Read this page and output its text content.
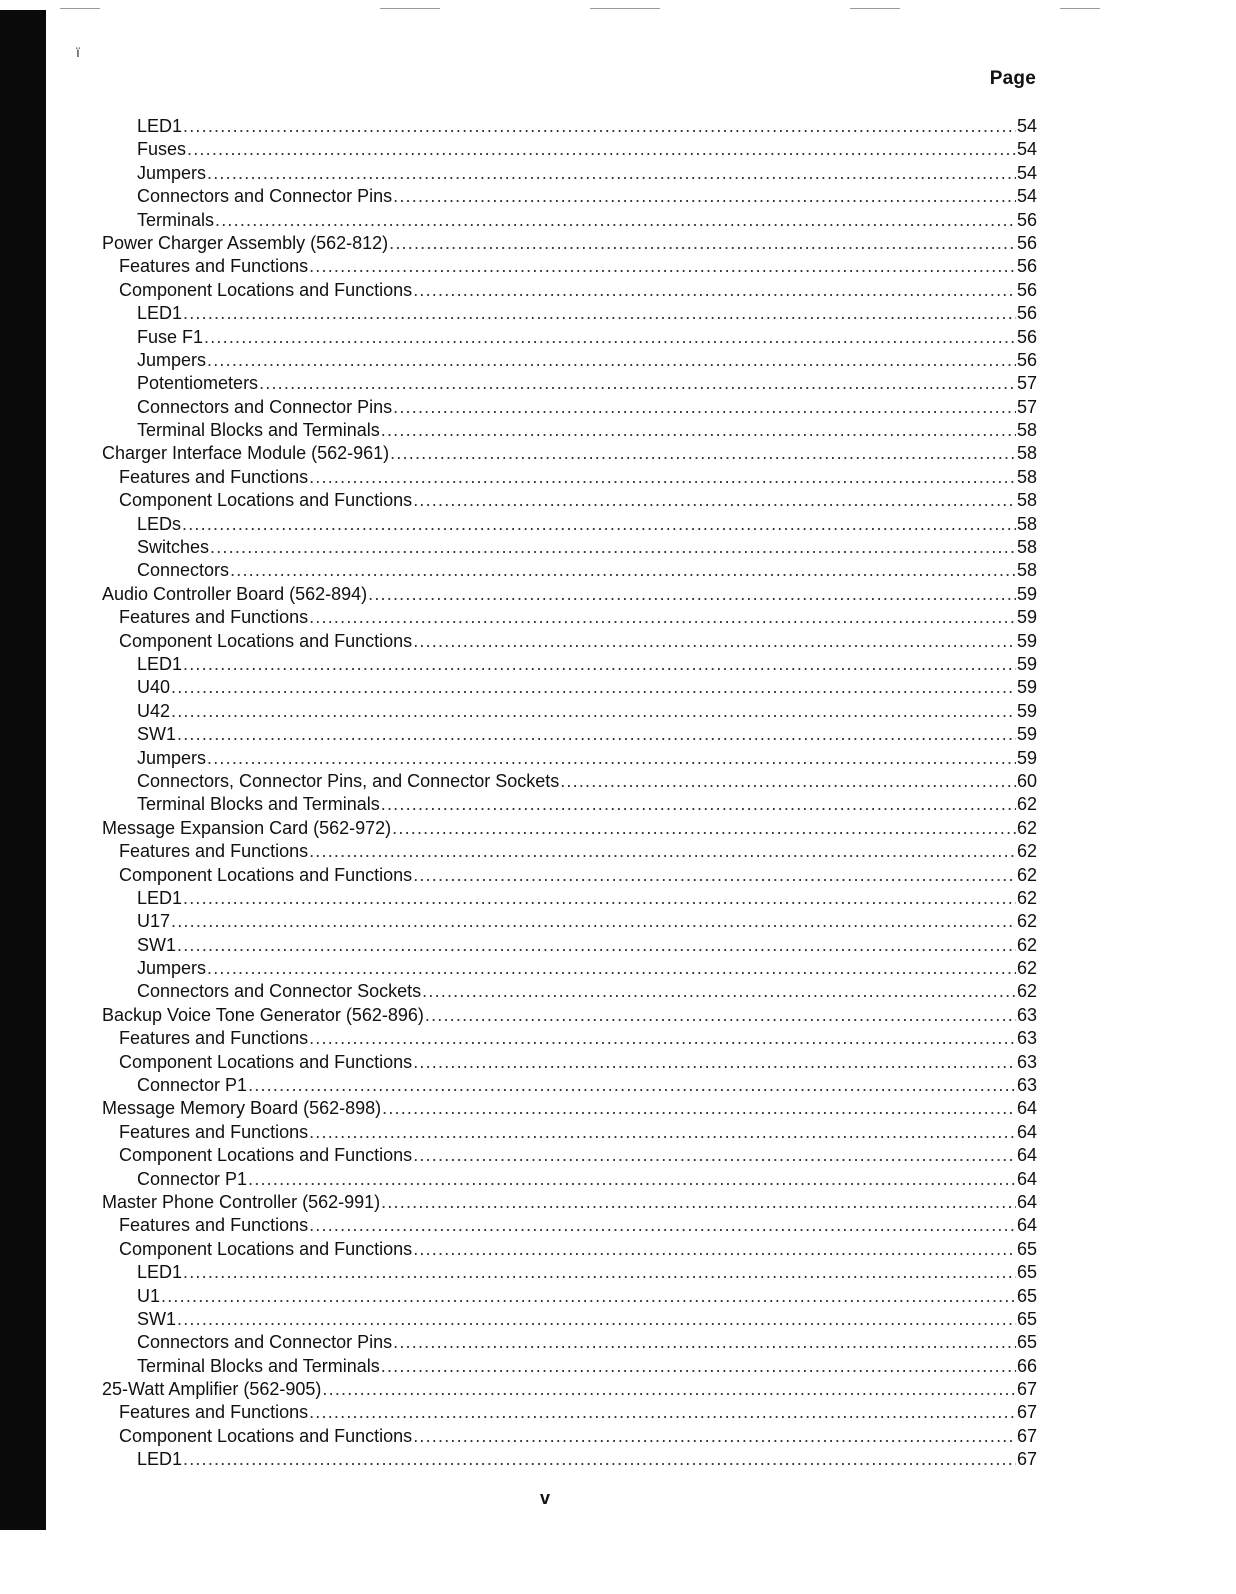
ï
Page
LED1 .....	54
Fuses .....	54
Jumpers .....	54
Connectors and Connector Pins .....	54
Terminals .....	56
Power Charger Assembly (562-812) .....	56
Features and Functions .....	56
Component Locations and Functions .....	56
LED1 .....	56
Fuse F1 .....	56
Jumpers .....	56
Potentiometers .....	57
Connectors and Connector Pins .....	57
Terminal Blocks and Terminals .....	58
Charger Interface Module (562-961) .....	58
Features and Functions .....	58
Component Locations and Functions .....	58
LEDs .....	58
Switches .....	58
Connectors .....	58
Audio Controller Board (562-894) .....	59
Features and Functions .....	59
Component Locations and Functions .....	59
LED1 .....	59
U40 .....	59
U42 .....	59
SW1 .....	59
Jumpers .....	59
Connectors, Connector Pins, and Connector Sockets .....	60
Terminal Blocks and Terminals .....	62
Message Expansion Card (562-972) .....	62
Features and Functions .....	62
Component Locations and Functions .....	62
LED1 .....	62
U17 .....	62
SW1 .....	62
Jumpers .....	62
Connectors and Connector Sockets .....	62
Backup Voice Tone Generator (562-896) .....	63
Features and Functions .....	63
Component Locations and Functions .....	63
Connector P1 .....	63
Message Memory Board (562-898) .....	64
Features and Functions .....	64
Component Locations and Functions .....	64
Connector P1 .....	64
Master Phone Controller (562-991) .....	64
Features and Functions .....	64
Component Locations and Functions .....	65
LED1 .....	65
U1 .....	65
SW1 .....	65
Connectors and Connector Pins .....	65
Terminal Blocks and Terminals .....	66
25-Watt Amplifier (562-905) .....	67
Features and Functions .....	67
Component Locations and Functions .....	67
LED1 .....	67
v
